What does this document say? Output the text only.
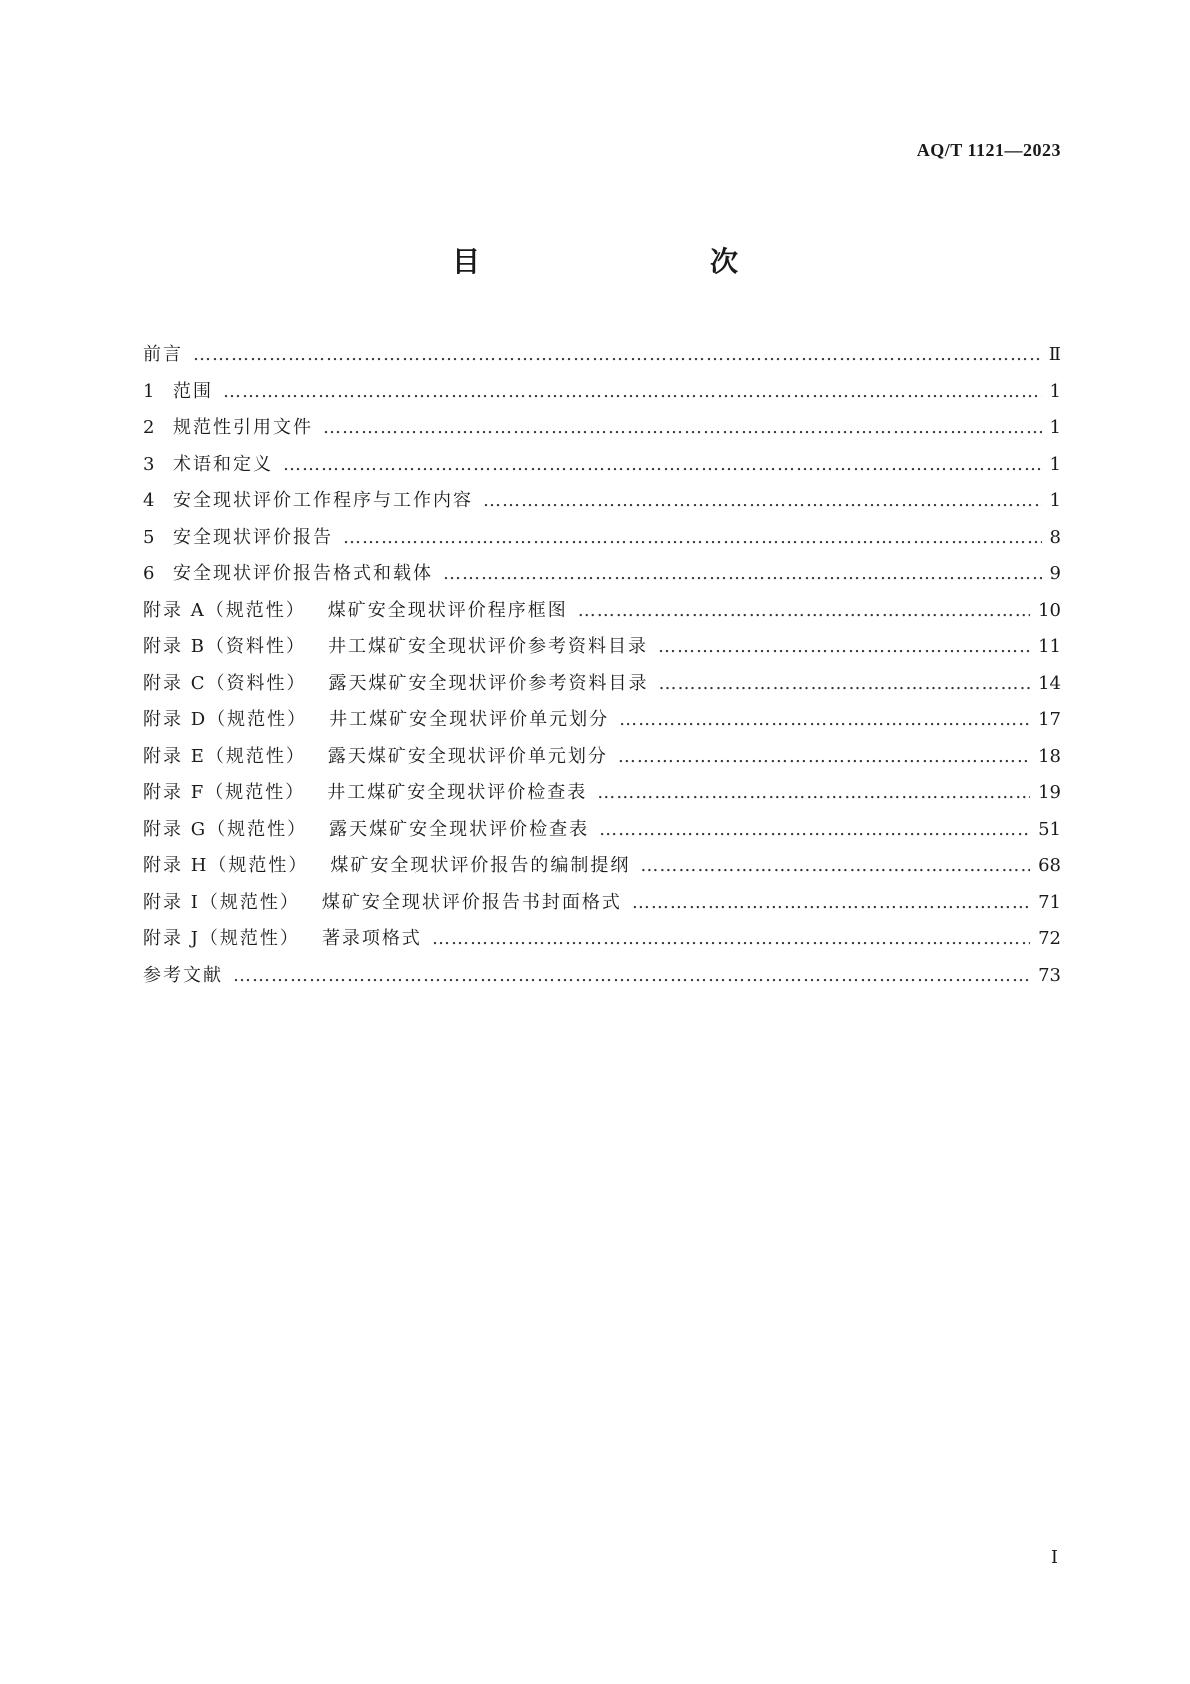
AQ/T 1121—2023

目　　次
前言 …………………………………………………………………………………………………………………………………………………………………………………………	Ⅱ
1	范围 …………………………………………………………………………………………………………………………………………………………………………………………	1
2	规范性引用文件 …………………………………………………………………………………………………………………………………………………………………………………………	1
3	术语和定义 …………………………………………………………………………………………………………………………………………………………………………………………	1
4	安全现状评价工作程序与工作内容 …………………………………………………………………………………………………………………………………………………………………………………………	1
5	安全现状评价报告 …………………………………………………………………………………………………………………………………………………………………………………………	8
6	安全现状评价报告格式和载体 …………………………………………………………………………………………………………………………………………………………………………………………	9
附录 A（规范性） 煤矿安全现状评价程序框图 …………………………………………………………………………………………………………………………………………………………………………………………	10
附录 B（资料性） 井工煤矿安全现状评价参考资料目录 …………………………………………………………………………………………………………………………………………………………………………………………	11
附录 C（资料性） 露天煤矿安全现状评价参考资料目录 …………………………………………………………………………………………………………………………………………………………………………………………	14
附录 D（规范性） 井工煤矿安全现状评价单元划分 …………………………………………………………………………………………………………………………………………………………………………………………	17
附录 E（规范性） 露天煤矿安全现状评价单元划分 …………………………………………………………………………………………………………………………………………………………………………………………	18
附录 F（规范性） 井工煤矿安全现状评价检查表 …………………………………………………………………………………………………………………………………………………………………………………………	19
附录 G（规范性） 露天煤矿安全现状评价检查表 …………………………………………………………………………………………………………………………………………………………………………………………	51
附录 H（规范性） 煤矿安全现状评价报告的编制提纲 …………………………………………………………………………………………………………………………………………………………………………………………	68
附录 I（规范性） 煤矿安全现状评价报告书封面格式 …………………………………………………………………………………………………………………………………………………………………………………………	71
附录 J（规范性） 著录项格式 …………………………………………………………………………………………………………………………………………………………………………………………	72
参考文献 …………………………………………………………………………………………………………………………………………………………………………………………	73

Ⅰ
